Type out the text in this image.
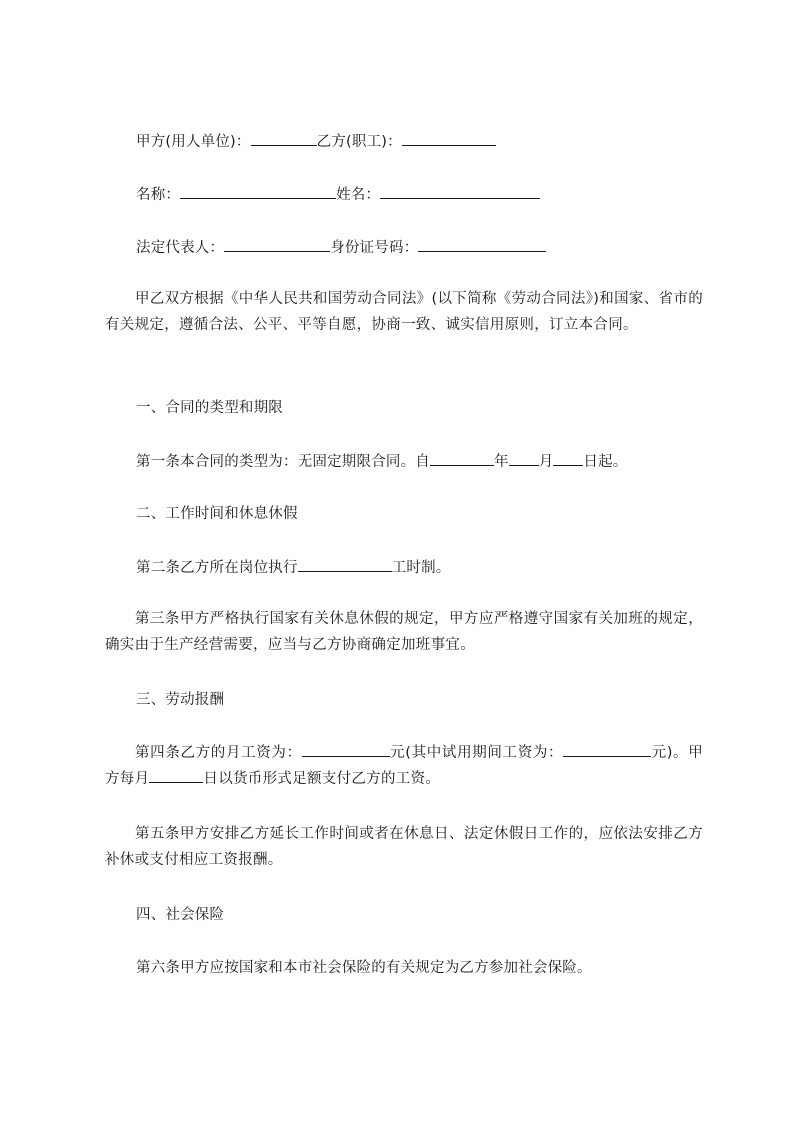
甲方(用人单位)：	乙方(职工)：
名称：	姓名：
法定代表人：	身份证号码：
甲乙双方根据《中华人民共和国劳动合同法》(以下简称《劳动合同法》)和国家、省市的有关规定，遵循合法、公平、平等自愿，协商一致、诚实信用原则，订立本合同。
一、合同的类型和期限
第一条本合同的类型为：无固定期限合同。自	年 月 日起。
二、工作时间和休息休假
第二条乙方所在岗位执行	工时制。
第三条甲方严格执行国家有关休息休假的规定，甲方应严格遵守国家有关加班的规定，确实由于生产经营需要，应当与乙方协商确定加班事宜。
三、劳动报酬
第四条乙方的月工资为：	元(其中试用期间工资为：	元)。甲方每月	日以货币形式足额支付乙方的工资。
第五条甲方安排乙方延长工作时间或者在休息日、法定休假日工作的，应依法安排乙方补休或支付相应工资报酬。
四、社会保险
第六条甲方应按国家和本市社会保险的有关规定为乙方参加社会保险。
